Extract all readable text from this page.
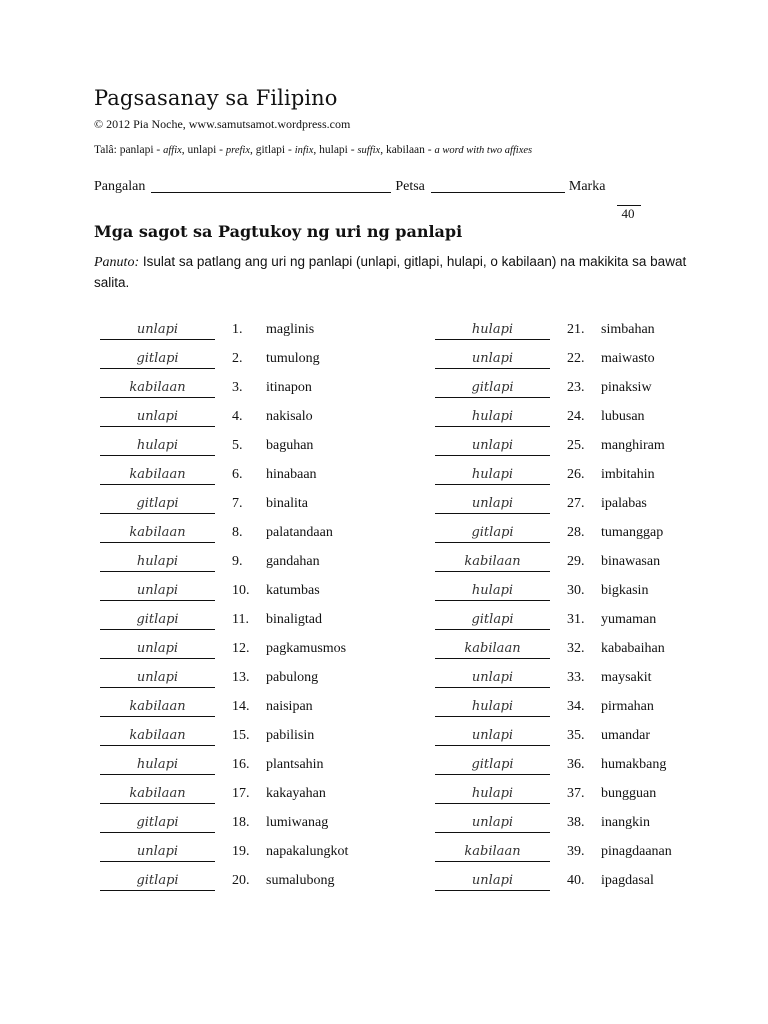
Pagsasanay sa Filipino
© 2012 Pia Noche, www.samutsamot.wordpress.com
Talâ: panlapi - affix, unlapi - prefix, gitlapi - infix, hulapi - suffix, kabilaan - a word with two affixes
Pangalan	Petsa	Marka
40
Mga sagot sa Pagtukoy ng uri ng panlapi
Panuto: Isulat sa patlang ang uri ng panlapi (unlapi, gitlapi, hulapi, o kabilaan) na makikita sa bawat salita.
unlapi	1. maglinis
gitlapi	2. tumulong
kabilaan	3. itinapon
unlapi	4. nakisalo
hulapi	5. baguhan
kabilaan	6. hinabaan
gitlapi	7. binalita
kabilaan	8. palatandaan
hulapi	9. gandahan
unlapi	10. katumbas
gitlapi	11. binaligtad
unlapi	12. pagkamusmos
unlapi	13. pabulong
kabilaan	14. naisipan
kabilaan	15. pabilisin
hulapi	16. plantsahin
kabilaan	17. kakayahan
gitlapi	18. lumiwanag
unlapi	19. napakalungkot
gitlapi	20. sumalubong
hulapi	21. simbahan
unlapi	22. maiwasto
gitlapi	23. pinaksiw
hulapi	24. lubusan
unlapi	25. manghiram
hulapi	26. imbitahin
unlapi	27. ipalabas
gitlapi	28. tumanggap
kabilaan	29. binawasan
hulapi	30. bigkasin
gitlapi	31. yumaman
kabilaan	32. kababaihan
unlapi	33. maysakit
hulapi	34. pirmahan
unlapi	35. umandar
gitlapi	36. humakbang
hulapi	37. bungguan
unlapi	38. inangkin
kabilaan	39. pinagdaanan
unlapi	40. ipagdasal
